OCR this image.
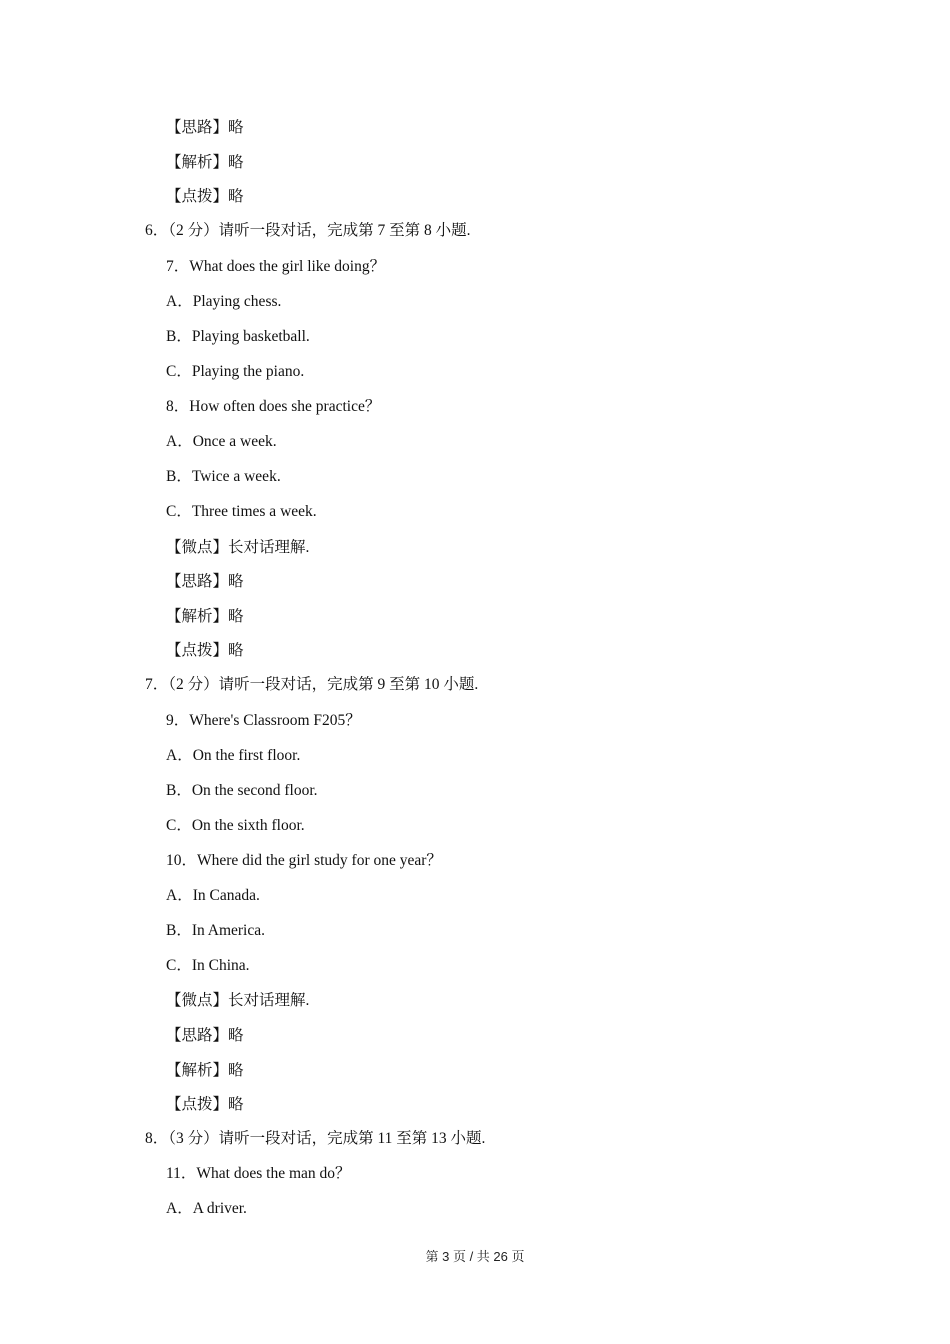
【思路】略
【解析】略
【点拨】略
6．（2 分）请听一段对话，完成第 7 至第 8 小题.
7．What does the girl like doing？
A．Playing chess.
B．Playing basketball.
C．Playing the piano.
8．How often does she practice？
A．Once a week.
B．Twice a week.
C．Three times a week.
【微点】长对话理解.
【思路】略
【解析】略
【点拨】略
7．（2 分）请听一段对话，完成第 9 至第 10 小题.
9．Where's Classroom F205？
A．On the first floor.
B．On the second floor.
C．On the sixth floor.
10．Where did the girl study for one year？
A．In Canada.
B．In America.
C．In China.
【微点】长对话理解.
【思路】略
【解析】略
【点拨】略
8．（3 分）请听一段对话，完成第 11 至第 13 小题.
11．What does the man do？
A．A driver.
第 3 页 / 共 26 页
